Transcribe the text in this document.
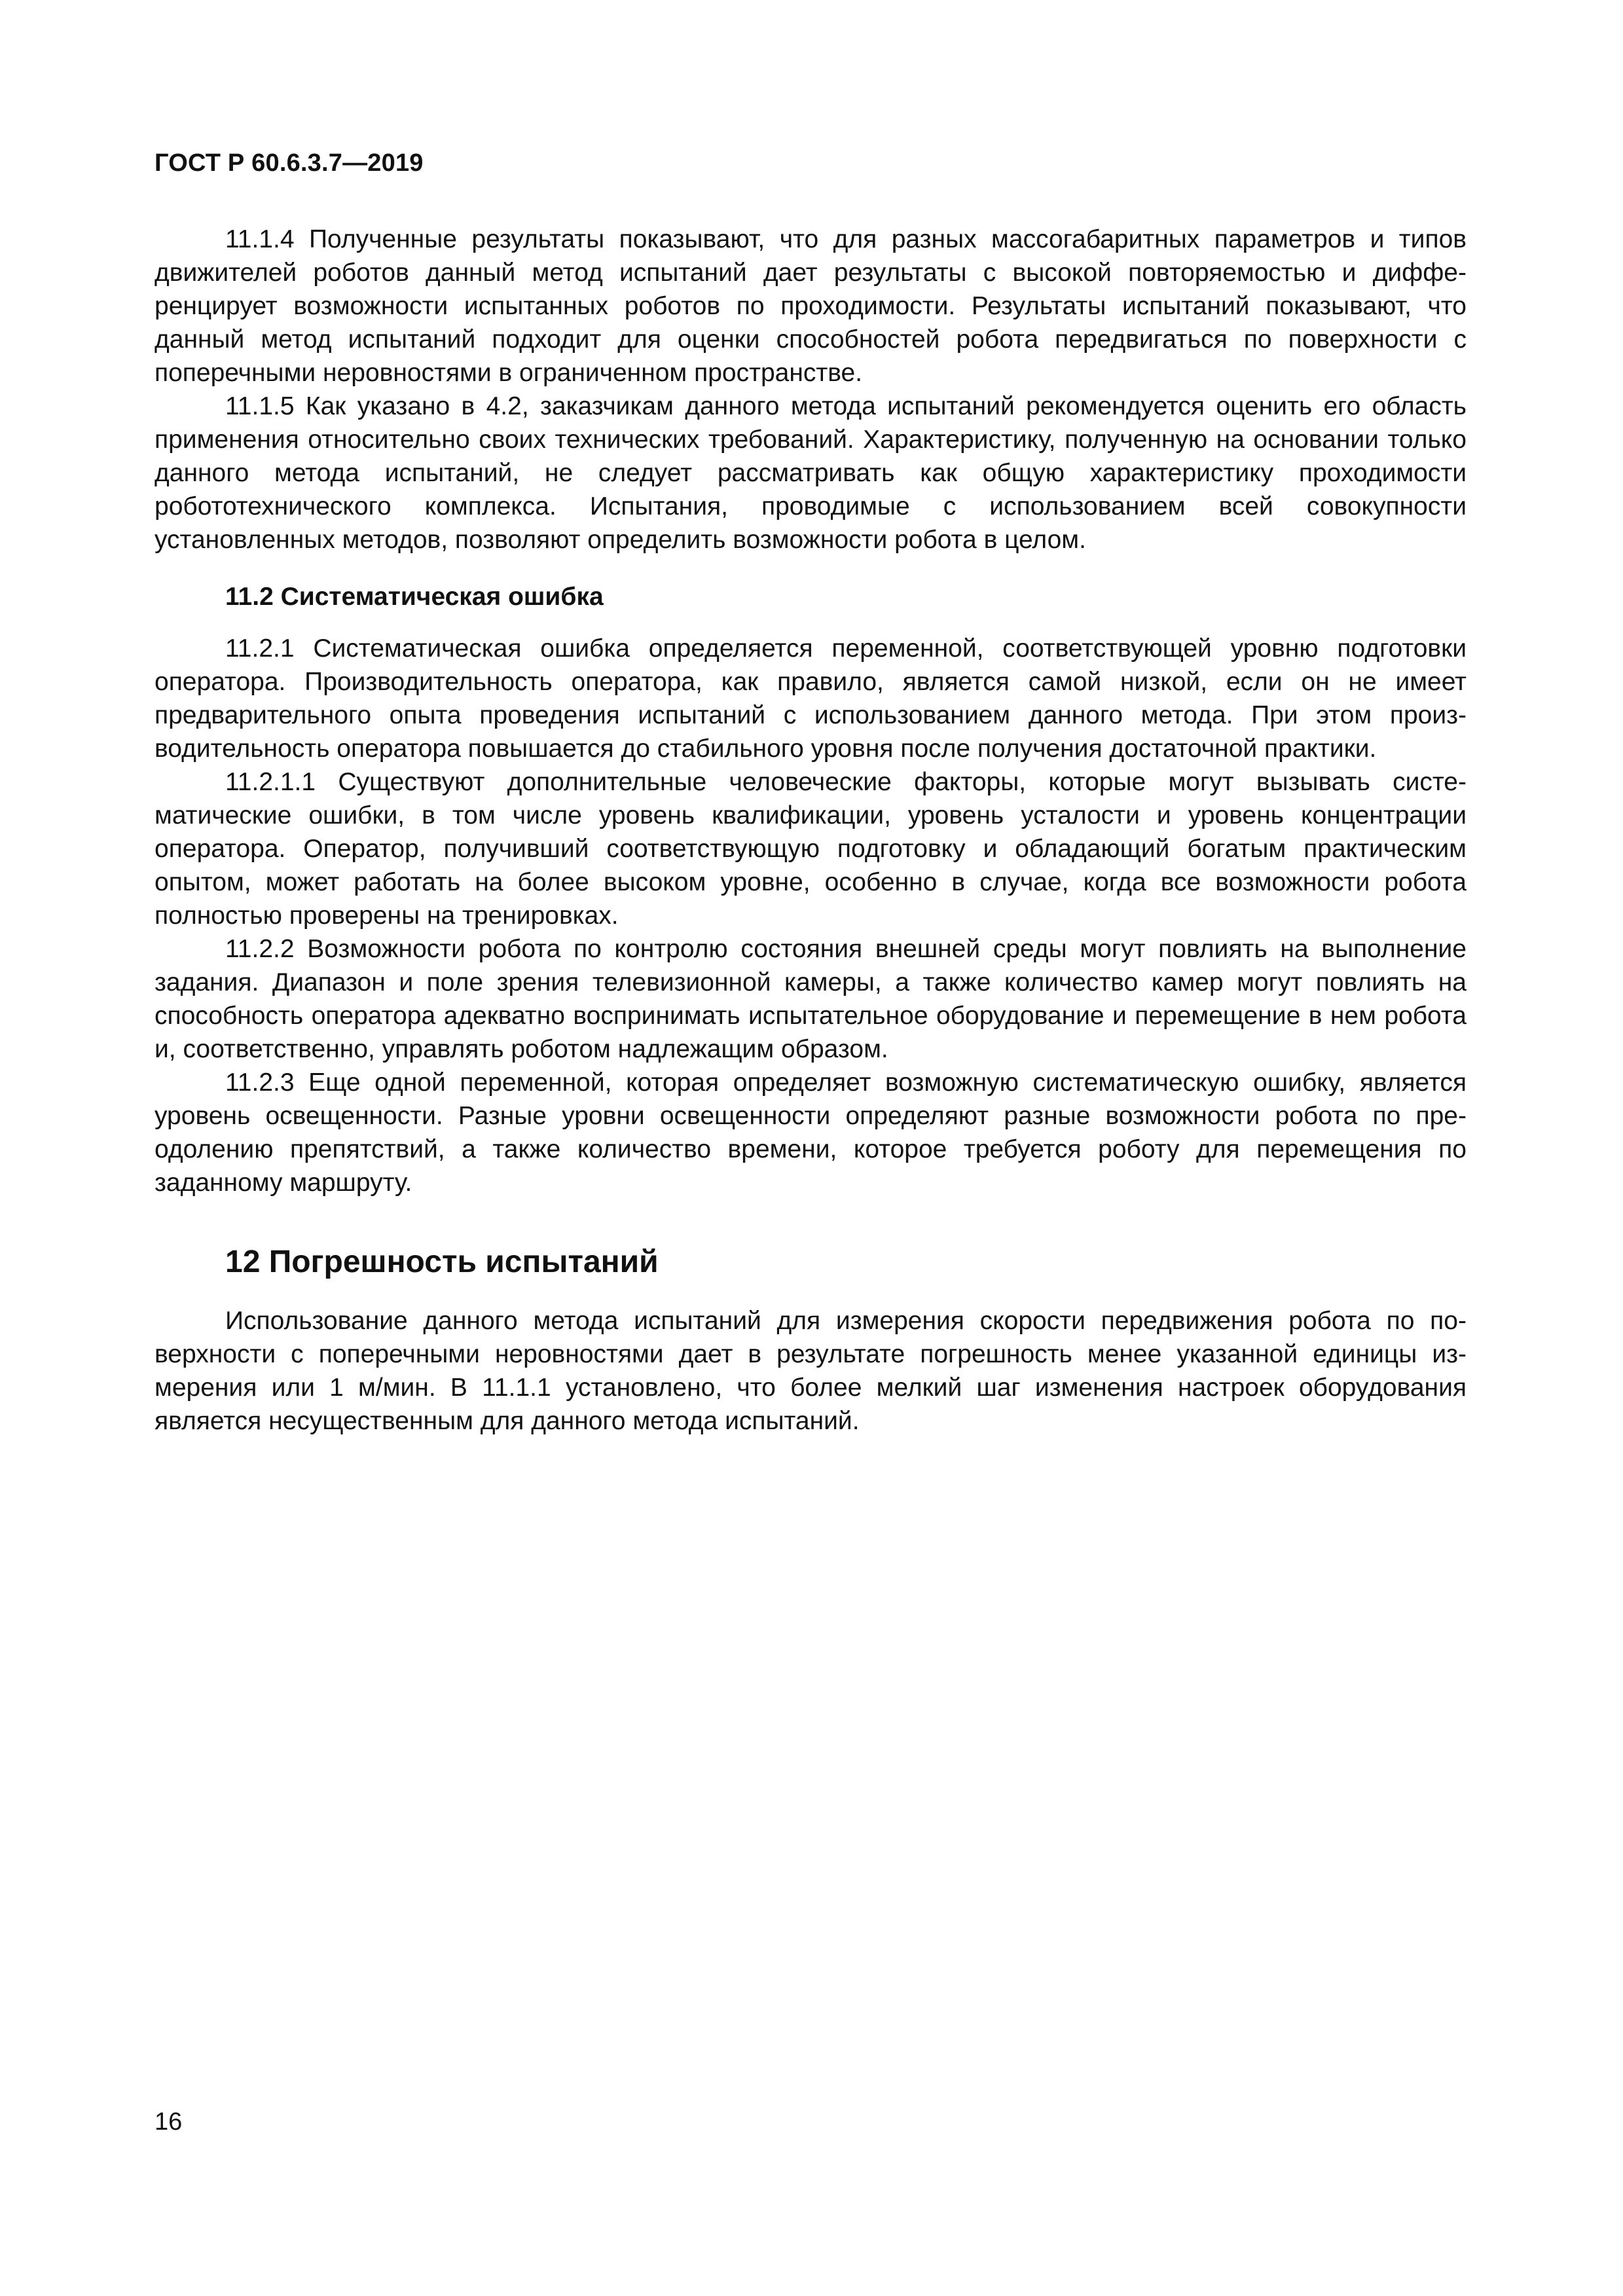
ГОСТ Р 60.6.3.7—2019

11.1.4 Полученные результаты показывают, что для разных массогабаритных параметров и типов движителей роботов данный метод испытаний дает результаты с высокой повторяемостью и дифференцирует возможности испытанных роботов по проходимости. Результаты испытаний показывают, что данный метод испытаний подходит для оценки способностей робота передвигаться по поверхности с поперечными неровностями в ограниченном пространстве.

11.1.5 Как указано в 4.2, заказчикам данного метода испытаний рекомендуется оценить его область применения относительно своих технических требований. Характеристику, полученную на основании только данного метода испытаний, не следует рассматривать как общую характеристику проходимости робототехнического комплекса. Испытания, проводимые с использованием всей совокупности установленных методов, позволяют определить возможности робота в целом.

11.2 Систематическая ошибка

11.2.1 Систематическая ошибка определяется переменной, соответствующей уровню подготовки оператора. Производительность оператора, как правило, является самой низкой, если он не имеет предварительного опыта проведения испытаний с использованием данного метода. При этом производительность оператора повышается до стабильного уровня после получения достаточной практики.

11.2.1.1 Существуют дополнительные человеческие факторы, которые могут вызывать систематические ошибки, в том числе уровень квалификации, уровень усталости и уровень концентрации оператора. Оператор, получивший соответствующую подготовку и обладающий богатым практическим опытом, может работать на более высоком уровне, особенно в случае, когда все возможности робота полностью проверены на тренировках.

11.2.2 Возможности робота по контролю состояния внешней среды могут повлиять на выполнение задания. Диапазон и поле зрения телевизионной камеры, а также количество камер могут повлиять на способность оператора адекватно воспринимать испытательное оборудование и перемещение в нем робота и, соответственно, управлять роботом надлежащим образом.

11.2.3 Еще одной переменной, которая определяет возможную систематическую ошибку, является уровень освещенности. Разные уровни освещенности определяют разные возможности робота по преодолению препятствий, а также количество времени, которое требуется роботу для перемещения по заданному маршруту.

12 Погрешность испытаний

Использование данного метода испытаний для измерения скорости передвижения робота по поверхности с поперечными неровностями дает в результате погрешность менее указанной единицы измерения или 1 м/мин. В 11.1.1 установлено, что более мелкий шаг изменения настроек оборудования является несущественным для данного метода испытаний.

16
